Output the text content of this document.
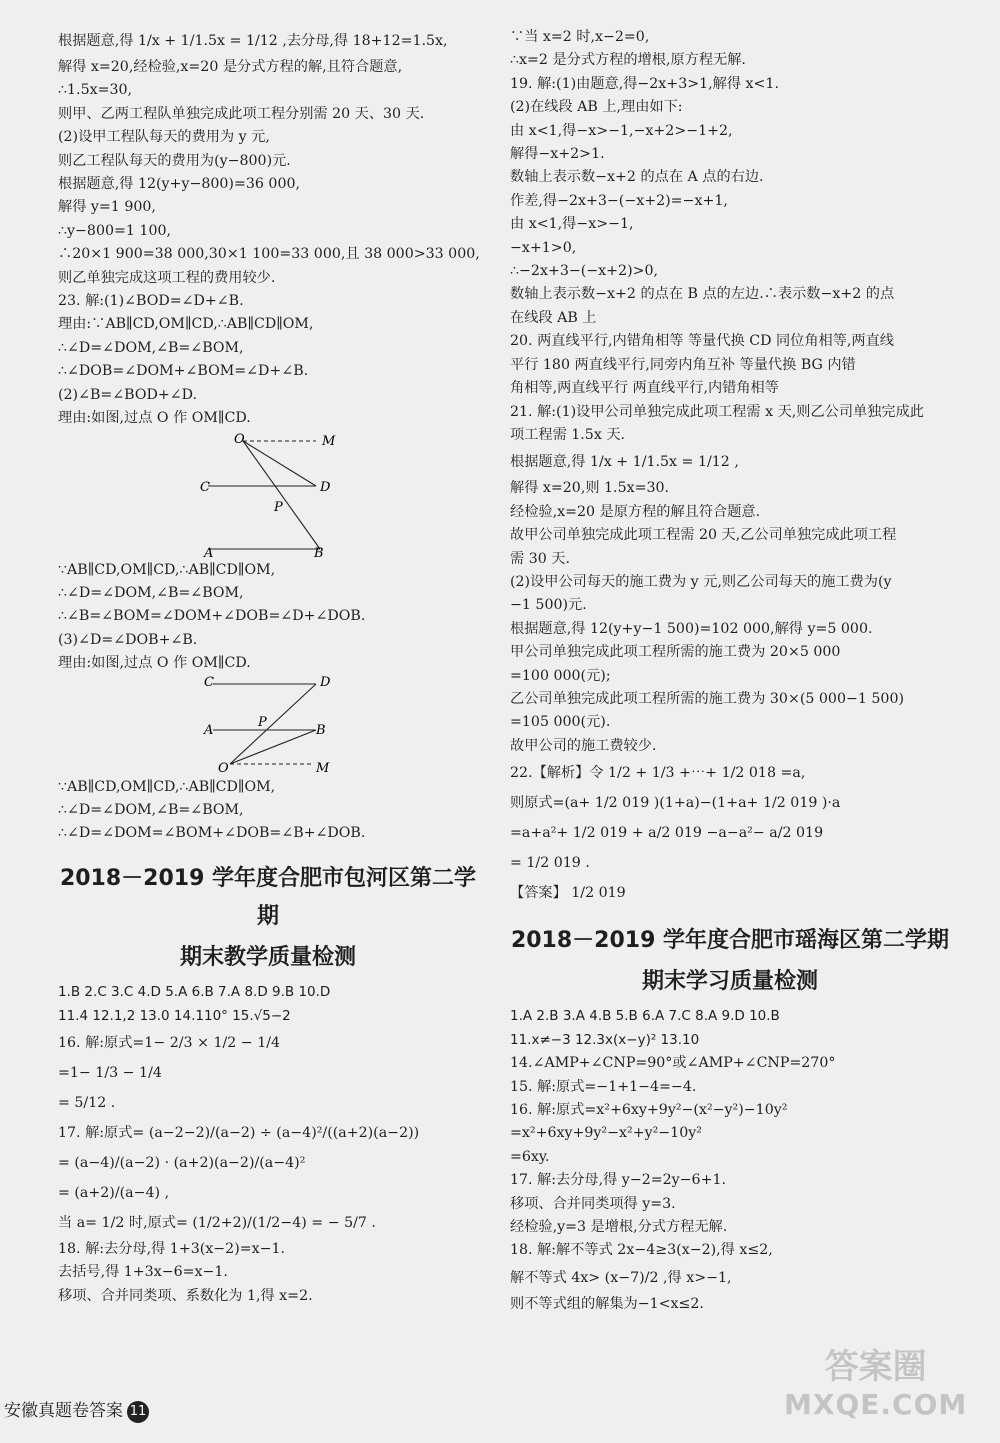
根据题意,得 1/x + 1/1.5x = 1/12 ,去分母,得 18+12=1.5x,
解得 x=20,经检验,x=20 是分式方程的解,且符合题意,
∴1.5x=30,
则甲、乙两工程队单独完成此项工程分别需 20 天、30 天.
(2)设甲工程队每天的费用为 y 元,
则乙工程队每天的费用为(y−800)元.
根据题意,得 12(y+y−800)=36 000,
解得 y=1 900,
∴y−800=1 100,
∴20×1 900=38 000,30×1 100=33 000,且 38 000>33 000,
则乙单独完成这项工程的费用较少.
23. 解:(1)∠BOD=∠D+∠B.
理由:∵AB∥CD,OM∥CD,∴AB∥CD∥OM,
∴∠D=∠DOM,∠B=∠BOM,
∴∠DOB=∠DOM+∠BOM=∠D+∠B.
(2)∠B=∠BOD+∠D.
理由:如图,过点 O 作 OM∥CD.
O	M
C	D
P
A	B
∵AB∥CD,OM∥CD,∴AB∥CD∥OM,
∴∠D=∠DOM,∠B=∠BOM,
∴∠B=∠BOM=∠DOM+∠DOB=∠D+∠DOB.
(3)∠D=∠DOB+∠B.
理由:如图,过点 O 作 OM∥CD.
C	D
A
P
B
O	M
∵AB∥CD,OM∥CD,∴AB∥CD∥OM,
∴∠D=∠DOM,∠B=∠BOM,
∴∠D=∠DOM=∠BOM+∠DOB=∠B+∠DOB.
2018－2019 学年度合肥市包河区第二学期
期末教学质量检测
1.B 2.C 3.C 4.D 5.A 6.B 7.A 8.D 9.B 10.D
11.4 12.1,2 13.0 14.110° 15.√5−2
16. 解:原式=1− 2/3 × 1/2 − 1/4
=1− 1/3 − 1/4
= 5/12 .
17. 解:原式= (a−2−2)/(a−2) ÷ (a−4)²/((a+2)(a−2))
= (a−4)/(a−2) · (a+2)(a−2)/(a−4)²
= (a+2)/(a−4) ,
当 a= 1/2 时,原式= (1/2+2)/(1/2−4) = − 5/7 .
18. 解:去分母,得 1+3(x−2)=x−1.
去括号,得 1+3x−6=x−1.
移项、合并同类项、系数化为 1,得 x=2.
∵当 x=2 时,x−2=0,
∴x=2 是分式方程的增根,原方程无解.
19. 解:(1)由题意,得−2x+3>1,解得 x<1.
(2)在线段 AB 上,理由如下:
由 x<1,得−x>−1,−x+2>−1+2,
解得−x+2>1.
数轴上表示数−x+2 的点在 A 点的右边.
作差,得−2x+3−(−x+2)=−x+1,
由 x<1,得−x>−1,
−x+1>0,
∴−2x+3−(−x+2)>0,
数轴上表示数−x+2 的点在 B 点的左边.∴表示数−x+2 的点
在线段 AB 上
20. 两直线平行,内错角相等 等量代换 CD 同位角相等,两直线
平行 180 两直线平行,同旁内角互补 等量代换 BG 内错
角相等,两直线平行 两直线平行,内错角相等
21. 解:(1)设甲公司单独完成此项工程需 x 天,则乙公司单独完成此
项工程需 1.5x 天.
根据题意,得 1/x + 1/1.5x = 1/12 ,
解得 x=20,则 1.5x=30.
经检验,x=20 是原方程的解且符合题意.
故甲公司单独完成此项工程需 20 天,乙公司单独完成此项工程
需 30 天.
(2)设甲公司每天的施工费为 y 元,则乙公司每天的施工费为(y
−1 500)元.
根据题意,得 12(y+y−1 500)=102 000,解得 y=5 000.
甲公司单独完成此项工程所需的施工费为 20×5 000
=100 000(元);
乙公司单独完成此项工程所需的施工费为 30×(5 000−1 500)
=105 000(元).
故甲公司的施工费较少.
22.【解析】令 1/2 + 1/3 +⋯+ 1/2 018 =a,
则原式=(a+ 1/2 019 )(1+a)−(1+a+ 1/2 019 )·a
=a+a²+ 1/2 019 + a/2 019 −a−a²− a/2 019
= 1/2 019 .
【答案】 1/2 019
2018－2019 学年度合肥市瑶海区第二学期
期末学习质量检测
1.A 2.B 3.A 4.B 5.B 6.A 7.C 8.A 9.D 10.B
11.x≠−3 12.3x(x−y)² 13.10
14.∠AMP+∠CNP=90°或∠AMP+∠CNP=270°
15. 解:原式=−1+1−4=−4.
16. 解:原式=x²+6xy+9y²−(x²−y²)−10y²
=x²+6xy+9y²−x²+y²−10y²
=6xy.
17. 解:去分母,得 y−2=2y−6+1.
移项、合并同类项得 y=3.
经检验,y=3 是增根,分式方程无解.
18. 解:解不等式 2x−4≥3(x−2),得 x≤2,
解不等式 4x> (x−7)/2 ,得 x>−1,
则不等式组的解集为−1<x≤2.
安徽真题卷答案 11
答案圈
MXQE.COM
